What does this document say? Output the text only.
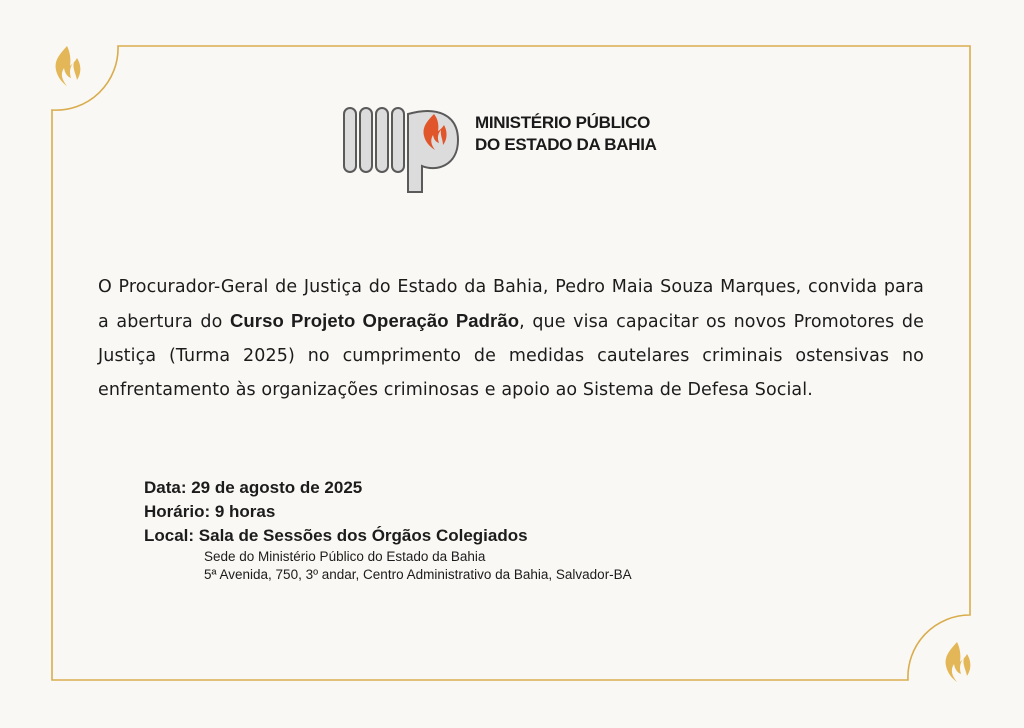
MINISTÉRIO PÚBLICO
DO ESTADO DA BAHIA
O Procurador-Geral de Justiça do Estado da Bahia, Pedro Maia Souza Marques, convida para a abertura do Curso Projeto Operação Padrão, que visa capacitar os novos Promotores de Justiça (Turma 2025) no cumprimento de medidas cautelares criminais ostensivas no enfrentamento às organizações criminosas e apoio ao Sistema de Defesa Social.
Data: 29 de agosto de 2025
Horário: 9 horas
Local: Sala de Sessões dos Órgãos Colegiados
Sede do Ministério Público do Estado da Bahia
5ª Avenida, 750, 3º andar, Centro Administrativo da Bahia, Salvador-BA
